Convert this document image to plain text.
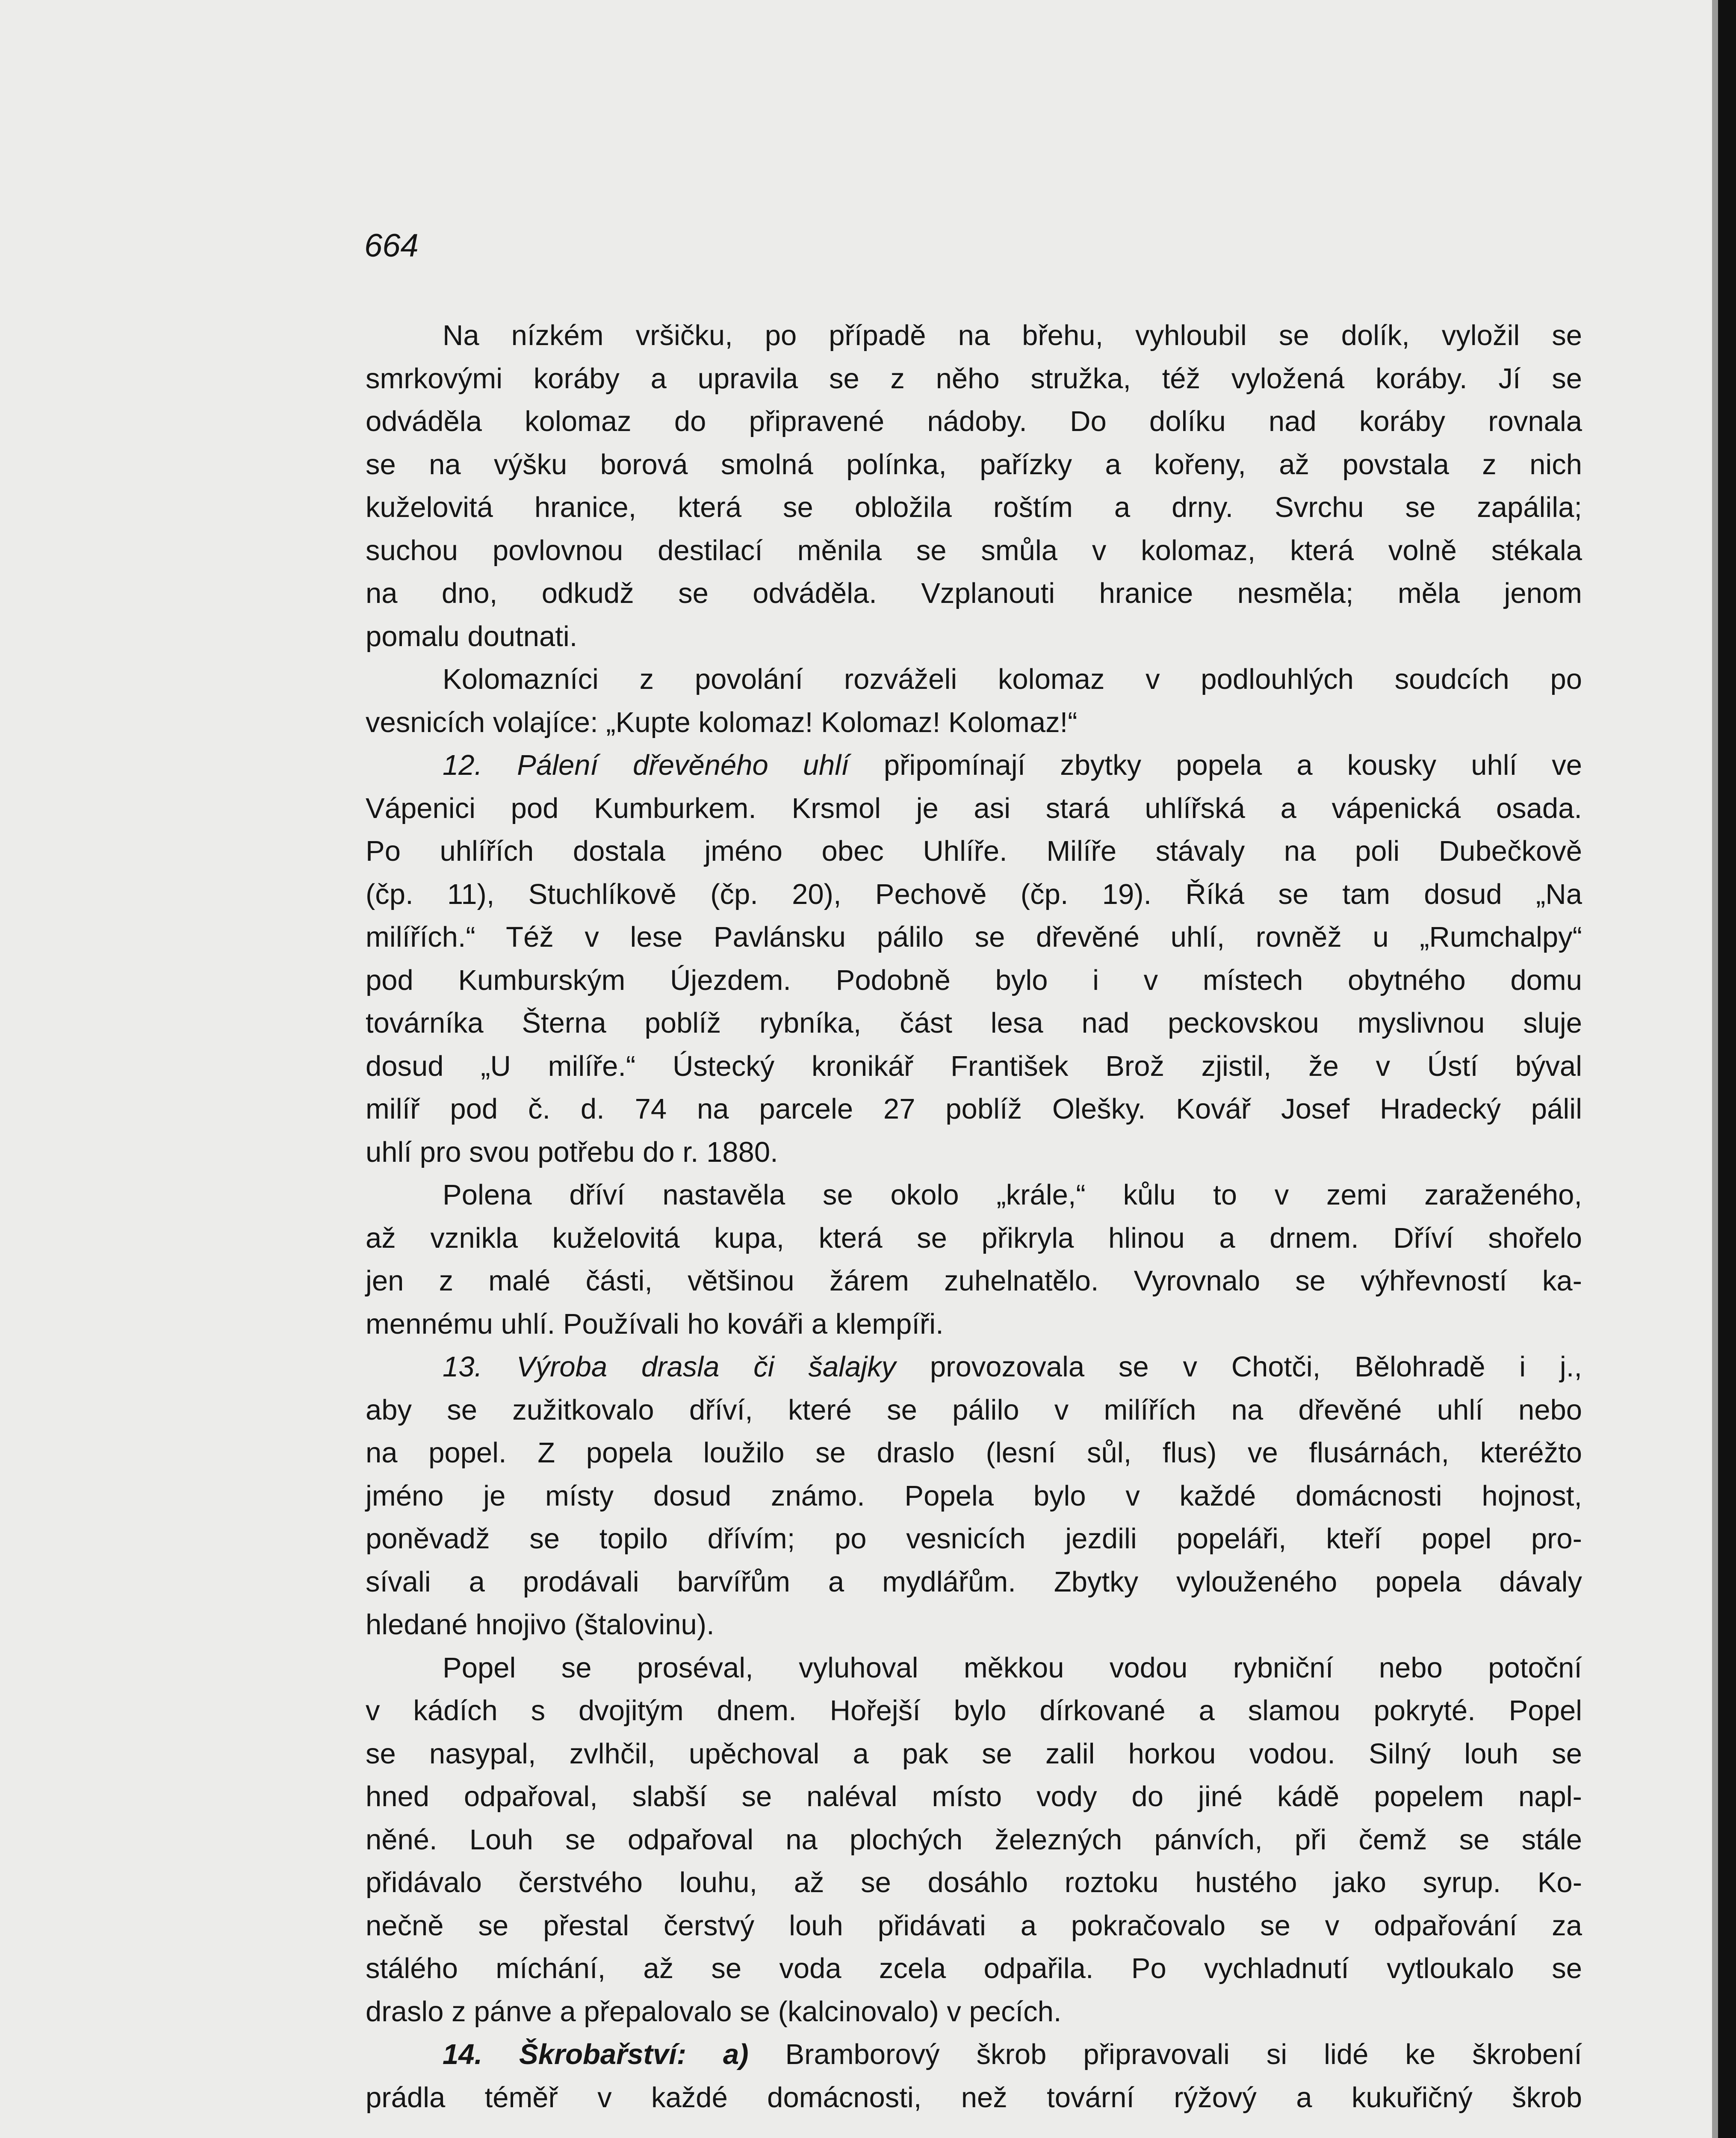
664
Na nízkém vršičku, po případě na břehu, vyhloubil se dolík, vyložil se
smrkovými koráby a upravila se z něho stružka, též vyložená koráby. Jí se
odváděla kolomaz do připravené nádoby. Do dolíku nad koráby rovnala
se na výšku borová smolná polínka, pařízky a kořeny, až povstala z nich
kuželovitá hranice, která se obložila roštím a drny. Svrchu se zapálila;
suchou povlovnou destilací měnila se smůla v kolomaz, která volně stékala
na dno, odkudž se odváděla. Vzplanouti hranice nesměla; měla jenom
pomalu doutnati.
Kolomazníci z povolání rozváželi kolomaz v podlouhlých soudcích po
vesnicích volajíce: „Kupte kolomaz! Kolomaz! Kolomaz!“
12. Pálení dřevěného uhlí připomínají zbytky popela a kousky uhlí ve
Vápenici pod Kumburkem. Krsmol je asi stará uhlířská a vápenická osada.
Po uhlířích dostala jméno obec Uhlíře. Milíře stávaly na poli Dubečkově
(čp. 11), Stuchlíkově (čp. 20), Pechově (čp. 19). Říká se tam dosud „Na
milířích.“ Též v lese Pavlánsku pálilo se dřevěné uhlí, rovněž u „Rumchalpy“
pod Kumburským Újezdem. Podobně bylo i v místech obytného domu
továrníka Šterna poblíž rybníka, část lesa nad peckovskou myslivnou sluje
dosud „U milíře.“ Ústecký kronikář František Brož zjistil, že v Ústí býval
milíř pod č. d. 74 na parcele 27 poblíž Olešky. Kovář Josef Hradecký pálil
uhlí pro svou potřebu do r. 1880.
Polena dříví nastavěla se okolo „krále,“ kůlu to v zemi zaraženého,
až vznikla kuželovitá kupa, která se přikryla hlinou a drnem. Dříví shořelo
jen z malé části, většinou žárem zuhelnatělo. Vyrovnalo se výhřevností ka-
mennému uhlí. Používali ho kováři a klempíři.
13. Výroba drasla či šalajky provozovala se v Chotči, Bělohradě i j.,
aby se zužitkovalo dříví, které se pálilo v milířích na dřevěné uhlí nebo
na popel. Z popela loužilo se draslo (lesní sůl, flus) ve flusárnách, kteréžto
jméno je místy dosud známo. Popela bylo v každé domácnosti hojnost,
poněvadž se topilo dřívím; po vesnicích jezdili popeláři, kteří popel pro-
sívali a prodávali barvířům a mydlářům. Zbytky vylouženého popela dávaly
hledané hnojivo (štalovinu).
Popel se proséval, vyluhoval měkkou vodou rybniční nebo potoční
v kádích s dvojitým dnem. Hořejší bylo dírkované a slamou pokryté. Popel
se nasypal, zvlhčil, upěchoval a pak se zalil horkou vodou. Silný louh se
hned odpařoval, slabší se naléval místo vody do jiné kádě popelem napl-
něné. Louh se odpařoval na plochých železných pánvích, při čemž se stále
přidávalo čerstvého louhu, až se dosáhlo roztoku hustého jako syrup. Ko-
nečně se přestal čerstvý louh přidávati a pokračovalo se v odpařování za
stálého míchání, až se voda zcela odpařila. Po vychladnutí vytloukalo se
draslo z pánve a přepalovalo se (kalcinovalo) v pecích.
14. Škrobařství: a) Bramborový škrob připravovali si lidé ke škrobení
prádla téměř v každé domácnosti, než tovární rýžový a kukuřičný škrob
